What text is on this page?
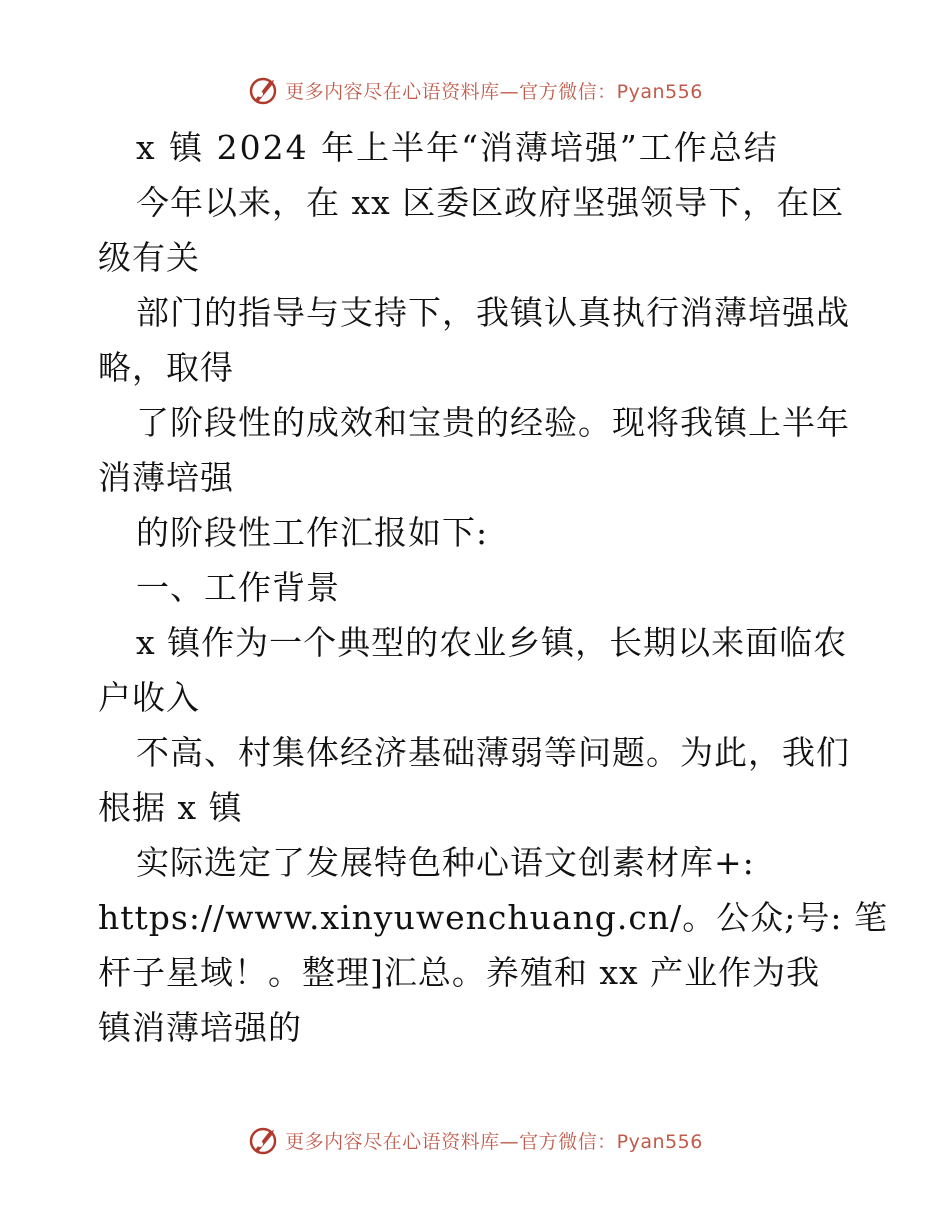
更多内容尽在心语资料库—官方微信：Pyan556
x 镇 2024 年上半年“消薄培强”工作总结
今年以来，在 xx 区委区政府坚强领导下，在区
级有关
部门的指导与支持下，我镇认真执行消薄培强战
略，取得
了阶段性的成效和宝贵的经验。现将我镇上半年
消薄培强
的阶段性工作汇报如下:
一、工作背景
x 镇作为一个典型的农业乡镇，长期以来面临农
户收入
不高、村集体经济基础薄弱等问题。为此，我们
根据 x 镇
实际选定了发展特色种心语文创素材库+:
https://www.xinyuwenchuang.cn/。公众;号: 笔
杆子星域！。整理]汇总。养殖和 xx 产业作为我
镇消薄培强的
更多内容尽在心语资料库—官方微信：Pyan556
